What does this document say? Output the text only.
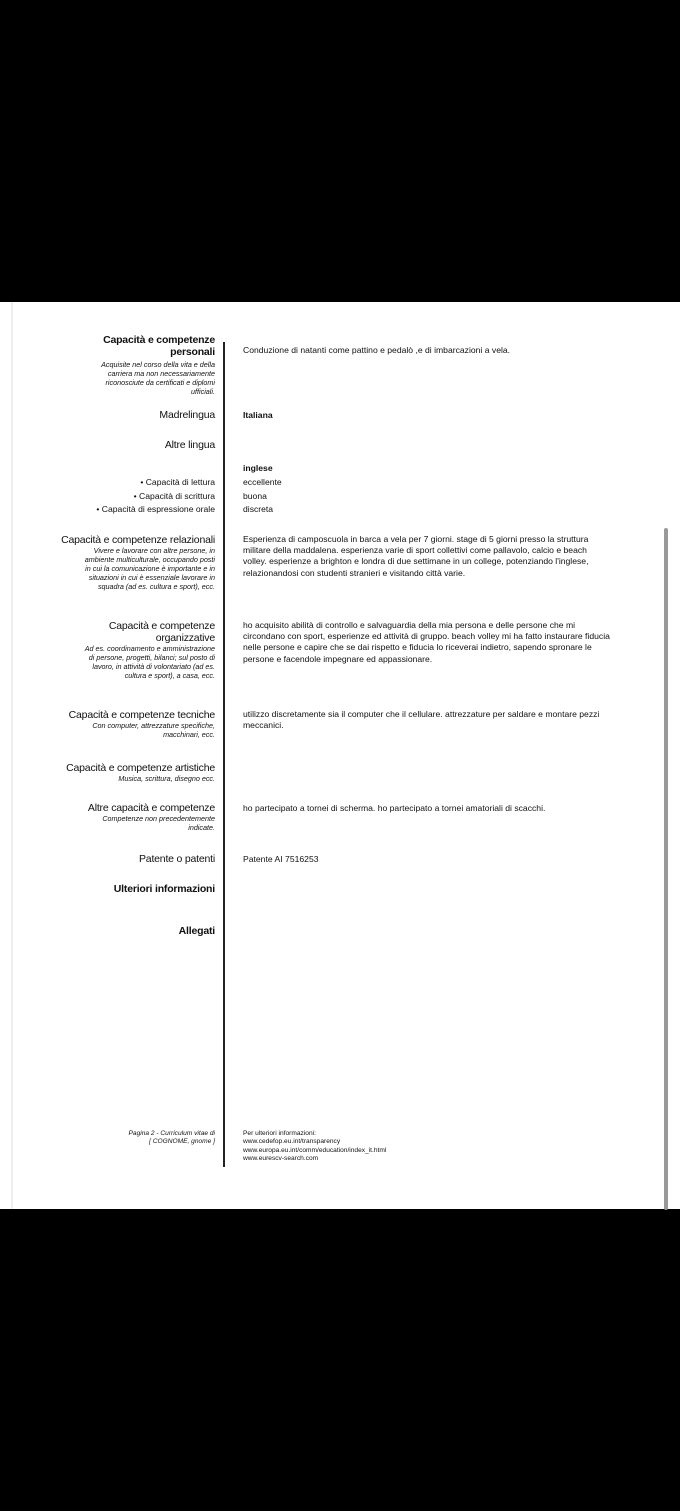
Capacità e competenze
personali
Acquisite nel corso della vita e della
carriera ma non necessariamente
riconosciute da certificati e diplomi
ufficiali.
Conduzione di natanti come pattino e pedalò ,e di imbarcazioni a vela.
Madrelingua	Italiana
Altre lingua
inglese
• Capacità di lettura
• Capacità di scrittura
• Capacità di espressione orale
eccellente
buona
discreta
Capacità e competenze relazionali
Vivere e lavorare con altre persone, in
ambiente multiculturale, occupando posti
in cui la comunicazione è importante e in
situazioni in cui è essenziale lavorare in
squadra (ad es. cultura e sport), ecc.
Esperienza di camposcuola in barca a vela per 7 giorni. stage di 5 giorni presso la struttura
militare della maddalena. esperienza varie di sport collettivi come pallavolo, calcio e beach
volley. esperienze a brighton e londra di due settimane in un college, potenziando l'inglese,
relazionandosi con studenti stranieri e visitando città varie.
Capacità e competenze
organizzative
Ad es. coordinamento e amministrazione
di persone, progetti, bilanci; sul posto di
lavoro, in attività di volontariato (ad es.
cultura e sport), a casa, ecc.
ho acquisito abilità di controllo e salvaguardia della mia persona e delle persone che mi
circondano con sport, esperienze ed attività di gruppo. beach volley mi ha fatto instaurare fiducia
nelle persone e capire che se dai rispetto e fiducia lo riceverai indietro, sapendo spronare le
persone e facendole impegnare ed appassionare.
Capacità e competenze tecniche
Con computer, attrezzature specifiche,
macchinari, ecc.
utilizzo discretamente sia il computer che il cellulare. attrezzature per saldare e montare pezzi
meccanici.
Capacità e competenze artistiche
Musica, scrittura, disegno ecc.
Altre capacità e competenze
Competenze non precedentemente
indicate.
ho partecipato a tornei di scherma. ho partecipato a tornei amatoriali di scacchi.
Patente o patenti	Patente AI 7516253
Ulteriori informazioni
Allegati
Pagina 2 - Curriculum vitae di
[ COGNOME, gnome ]
Per ulteriori informazioni:
www.cedefop.eu.int/transparency
www.europa.eu.int/comm/education/index_it.html
www.eurescv-search.com
